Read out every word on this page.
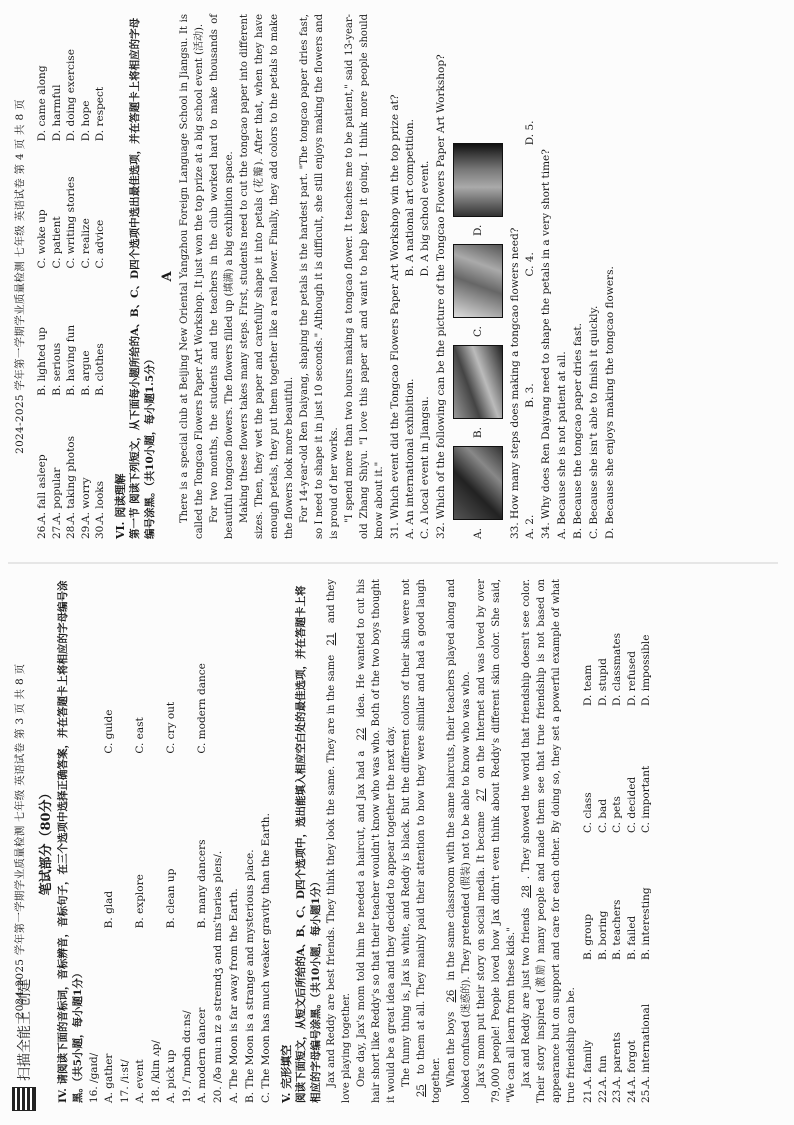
2024-2025 学年第一学期学业质量检测 七年级 英语试卷 第 3 页 共 8 页	笔试部分（80分） IV. 请阅读下面的音标词，音标辨音，音标句子，在三个选项中选择正确答案，并在答题卡上将相应的字母编号涂黑。（共5小题，每小题1分） 16. /gaɪd/ A. gather
B. glad
C. guide
17. /iːst/ A. event
B. explore
C. east
18. /klɪn ʌp/ A. pick up
B. clean up
C. cry out
19. /ˈmɒdn dɑːns/ A. modern dancer
B. many dancers
C. modern dance
20. /ðə muːn ɪz ə streɪndʒ ənd mɪsˈtɪəriəs pleɪs/. A. The Moon is far away from the Earth. B. The Moon is a strange and mysterious place. C. The Moon has much weaker gravity than the Earth. V. 完形填空 阅读下面短文，从短文后所给的A、B、C、D四个选项中，选出能填入相应空白处的最佳选项，并在答题卡上将相应的字母编号涂黑。（共10小题，每小题1分） Jax and Reddy are best friends. They think they look the same. They are in the same 21 and they love playing together. One day, Jax's mom told him he needed a haircut, and Jax had a 22 idea. He wanted to cut his hair short like Reddy's so that their teacher wouldn't know who was who. Both of the two boys thought it would be a great idea and they decided to appear together the next day. The funny thing is, Jax is white, and Reddy is black. But the different colors of their skin were not 25 to them at all. They mainly paid their attention to how they were similar and had a good laugh together. When the boys 26 in the same classroom with the same haircuts, their teachers played along and looked confused (迷惑的). They pretended (假装) not to be able to know who was who. Jax's mom put their story on social media. It became 27 on the Internet and was loved by over 79,000 people! People loved how Jax didn't even think about Reddy's different skin color. She said, "We can all learn from these kids." Jax and Reddy are just two friends 28. They showed the world that friendship doesn't see color. Their story inspired (激励) many people and made them see that true friendship is not based on appearance but on support and care for each other. By doing so, they set a powerful example of what true friendship can be. 21.
A. family
B. group
C. class
D. team
22.
A. fun
B. boring
C. bad
D. stupid
23.
A. parents
B. teachers
C. pets
D. classmates
24.
A. forgot
B. failed
C. decided
D. refused
25.
A. international
B. interesting
C. important
D. impossible
2024-2025 学年第一学期学业质量检测 七年级 英语试卷 第 4 页 共 8 页
26.
A. fall asleep
B. lighted up
C. woke up
D. came along
27.
A. popular
B. serious
C. patient
D. harmful
28.
A. taking photos
B. having fun
C. writing stories
D. doing exercise
29.
A. worry
B. argue
C. realize
D. hope
30.
A. looks
B. clothes
C. advice
D. respect
VI. 阅读理解 第一节 阅读下列短文，从下面每小题所给的A、B、C、D四个选项中选出最佳选项，并在答题卡上将相应的字母编号涂黑。（共10小题，每小题1.5分）
A There is a special club at Beijing New Oriental Yangzhou Foreign Language School in Jiangsu. It is called the Tongcao Flowers Paper Art Workshop. It just won the top prize at a big school event (活动). For two months, the students and the teachers in the club worked hard to make thousands of beautiful tongcao flowers. The flowers filled up (填满) a big exhibition space. Making these flowers takes many steps. First, students need to cut the tongcao paper into different sizes. Then, they wet the paper and carefully shape it into petals (花瓣). After that, when they have enough petals, they put them together like a real flower. Finally, they add colors to the petals to make the flowers look more beautiful. For 14-year-old Ren Daiyang, shaping the petals is the hardest part. "The tongcao paper dries fast, so I need to shape it in just 10 seconds." Although it is difficult, she still enjoys making the flowers and is proud of her works. "I spend more than two hours making a tongcao flower. It teaches me to be patient," said 13-year-old Zhang Shiyu. "I love this paper art and want to help keep it going. I think more people should know about it." 31. Which event did the Tongcao Flowers Paper Art Workshop win the top prize at? A. An international exhibition.
B. A national art competition.
C. A local event in Jiangsu.
D. A big school event. 32. Which of the following can be the picture of the Tongcao Flowers Paper Art Workshop? A.
B.
C.
D. 33. How many steps does making a tongcao flowers need? A. 2.
B. 3.
C. 4.
D. 5.
34. Why does Ren Daiyang need to shape the petals in a very short time? A. Because she is not patient at all. B. Because the tongcao paper dries fast. C. Because she isn't able to finish it quickly. D. Because she enjoys making the tongcao flowers.
扫描全能王 创建
